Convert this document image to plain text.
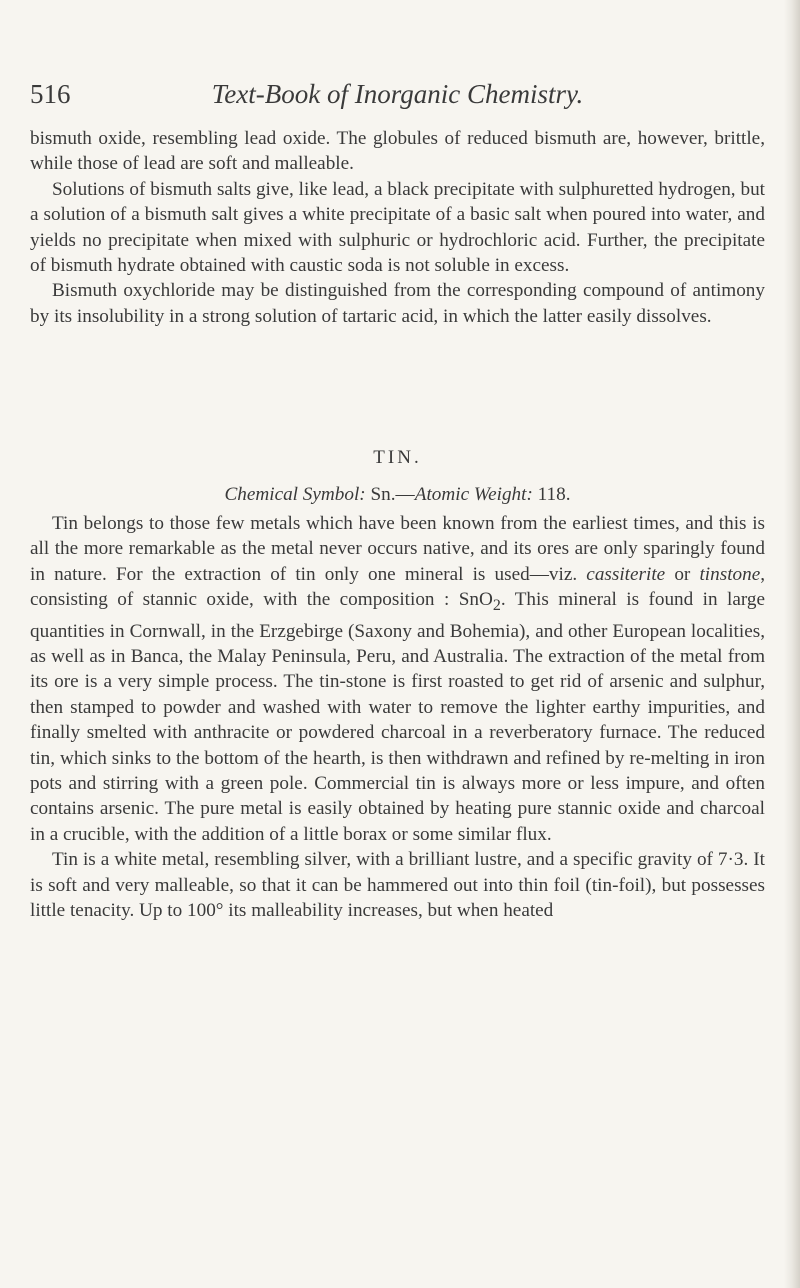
516	Text-Book of Inorganic Chemistry.

bismuth oxide, resembling lead oxide. The globules of reduced bismuth are, however, brittle, while those of lead are soft and malleable.

Solutions of bismuth salts give, like lead, a black precipitate with sulphuretted hydrogen, but a solution of a bismuth salt gives a white precipitate of a basic salt when poured into water, and yields no precipitate when mixed with sulphuric or hydrochloric acid. Further, the precipitate of bismuth hydrate obtained with caustic soda is not soluble in excess.

Bismuth oxychloride may be distinguished from the corresponding compound of antimony by its insolubility in a strong solution of tartaric acid, in which the latter easily dissolves.

TIN.
Chemical Symbol: Sn.—Atomic Weight: 118.

Tin belongs to those few metals which have been known from the earliest times, and this is all the more remarkable as the metal never occurs native, and its ores are only sparingly found in nature. For the extraction of tin only one mineral is used—viz. cassiterite or tinstone, consisting of stannic oxide, with the composition : SnO$_2$. This mineral is found in large quantities in Cornwall, in the Erzgebirge (Saxony and Bohemia), and other European localities, as well as in Banca, the Malay Peninsula, Peru, and Australia. The extraction of the metal from its ore is a very simple process. The tin-stone is first roasted to get rid of arsenic and sulphur, then stamped to powder and washed with water to remove the lighter earthy impurities, and finally smelted with anthracite or powdered charcoal in a reverberatory furnace. The reduced tin, which sinks to the bottom of the hearth, is then withdrawn and refined by re-melting in iron pots and stirring with a green pole. Commercial tin is always more or less impure, and often contains arsenic. The pure metal is easily obtained by heating pure stannic oxide and charcoal in a crucible, with the addition of a little borax or some similar flux.

Tin is a white metal, resembling silver, with a brilliant lustre, and a specific gravity of 7·3. It is soft and very malleable, so that it can be hammered out into thin foil (tin-foil), but possesses little tenacity. Up to 100° its malleability increases, but when heated
